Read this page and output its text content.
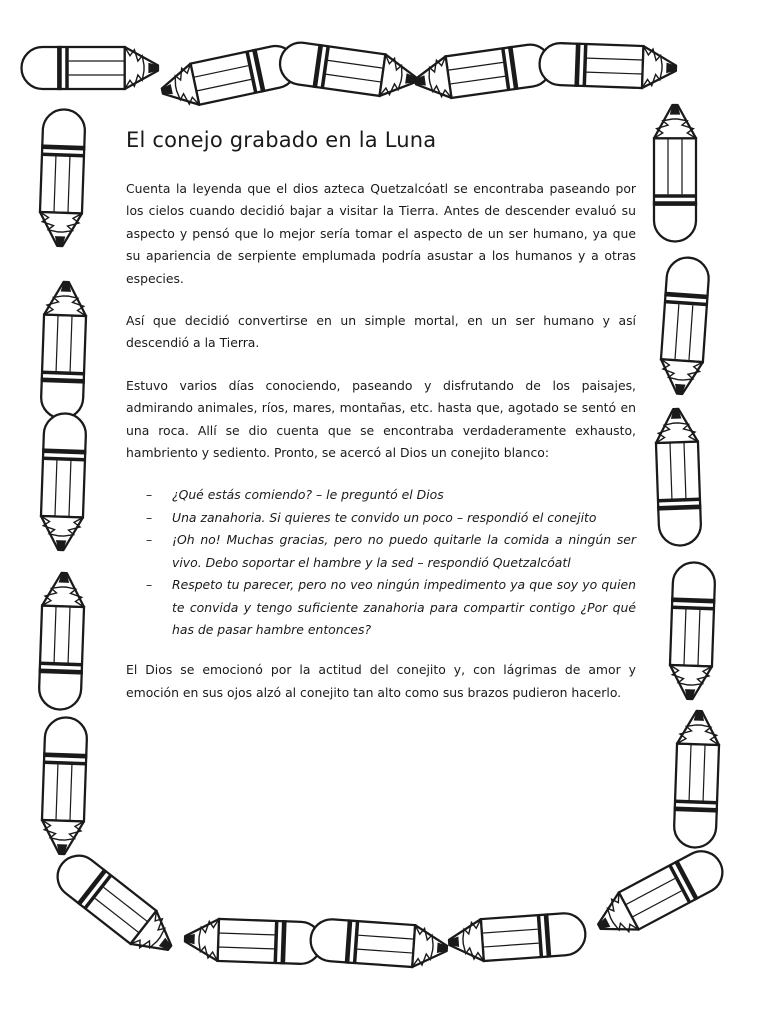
El conejo grabado en la Luna

Cuenta la leyenda que el dios azteca Quetzalcóatl se encontraba paseando por los cielos cuando decidió bajar a visitar la Tierra. Antes de descender evaluó su aspecto y pensó que lo mejor sería tomar el aspecto de un ser humano, ya que su apariencia de serpiente emplumada podría asustar a los humanos y a otras especies.

Así que decidió convertirse en un simple mortal, en un ser humano y así descendió a la Tierra.

Estuvo varios días conociendo, paseando y disfrutando de los paisajes, admirando animales, ríos, mares, montañas, etc. hasta que, agotado se sentó en una roca. Allí se dio cuenta que se encontraba verdaderamente exhausto, hambriento y sediento. Pronto, se acercó al Dios un conejito blanco:

– ¿Qué estás comiendo? – le preguntó el Dios
– Una zanahoria. Si quieres te convido un poco – respondió el conejito
– ¡Oh no! Muchas gracias, pero no puedo quitarle la comida a ningún ser vivo. Debo soportar el hambre y la sed – respondió Quetzalcóatl
– Respeto tu parecer, pero no veo ningún impedimento ya que soy yo quien te convida y tengo suficiente zanahoria para compartir contigo ¿Por qué has de pasar hambre entonces?

El Dios se emocionó por la actitud del conejito y, con lágrimas de amor y emoción en sus ojos alzó al conejito tan alto como sus brazos pudieron hacerlo.
